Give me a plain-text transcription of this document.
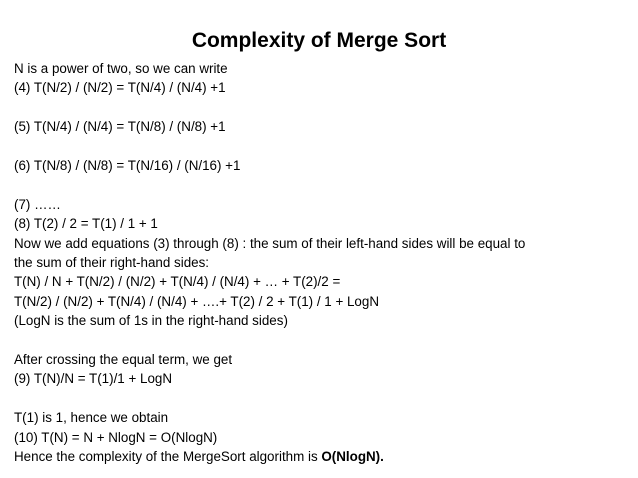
Complexity of Merge Sort
N is a power of two, so we can write
(4) T(N/2) / (N/2) = T(N/4) / (N/4) +1
(5) T(N/4) / (N/4) = T(N/8) / (N/8) +1
(6) T(N/8) / (N/8) = T(N/16) / (N/16) +1
(7) ……
(8) T(2) / 2 = T(1) / 1 + 1
Now we add equations (3) through (8) : the sum of their left-hand sides will be equal to
the sum of their right-hand sides:
T(N) / N + T(N/2) / (N/2) + T(N/4) / (N/4) + … + T(2)/2 =
T(N/2) / (N/2) + T(N/4) / (N/4) + ….+ T(2) / 2 + T(1) / 1 + LogN
(LogN is the sum of 1s in the right-hand sides)
After crossing the equal term, we get
(9) T(N)/N = T(1)/1 + LogN
T(1) is 1, hence we obtain
(10) T(N) = N + NlogN = O(NlogN)
Hence the complexity of the MergeSort algorithm is O(NlogN).
